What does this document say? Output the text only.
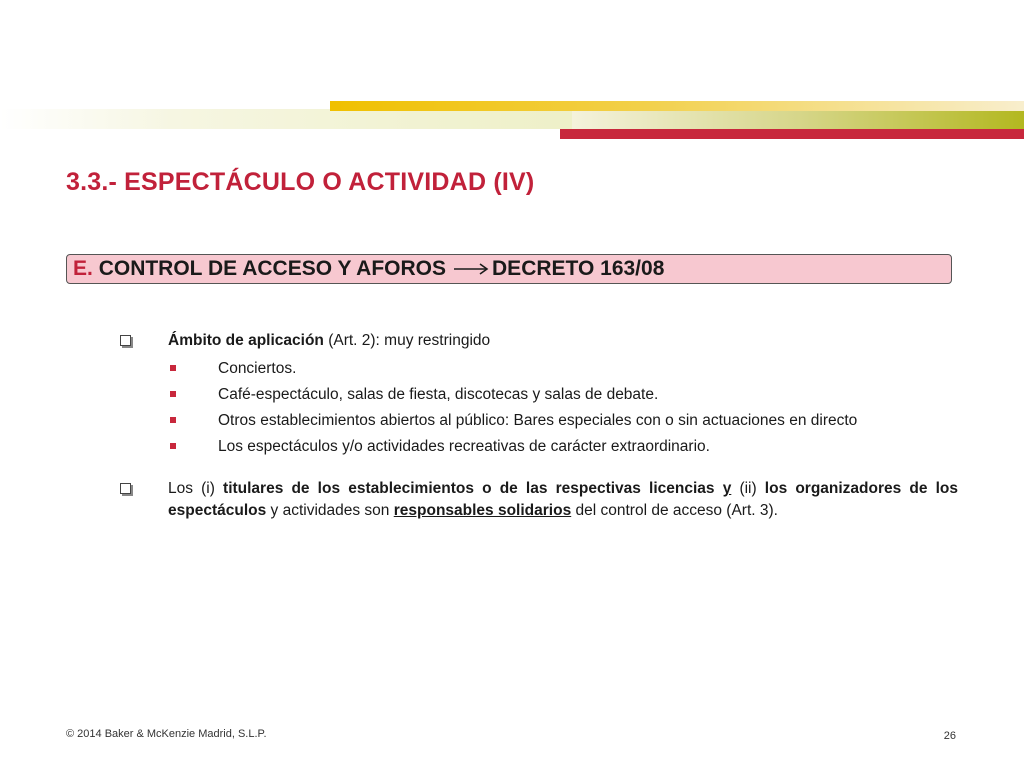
3.3.- ESPECTÁCULO O ACTIVIDAD (IV)
E.
CONTROL DE ACCESO Y AFOROS DECRETO 163/08
Ámbito de aplicación (Art. 2): muy restringido
Conciertos.
Café-espectáculo, salas de fiesta, discotecas y salas de debate.
Otros establecimientos abiertos al público: Bares especiales con o sin actuaciones en directo
Los espectáculos y/o actividades recreativas de carácter extraordinario.
Los (i) titulares de los establecimientos o de las respectivas licencias y (ii) los organizadores de los espectáculos y actividades son responsables solidarios del control de acceso (Art. 3).
© 2014 Baker & McKenzie Madrid, S.L.P.	26
